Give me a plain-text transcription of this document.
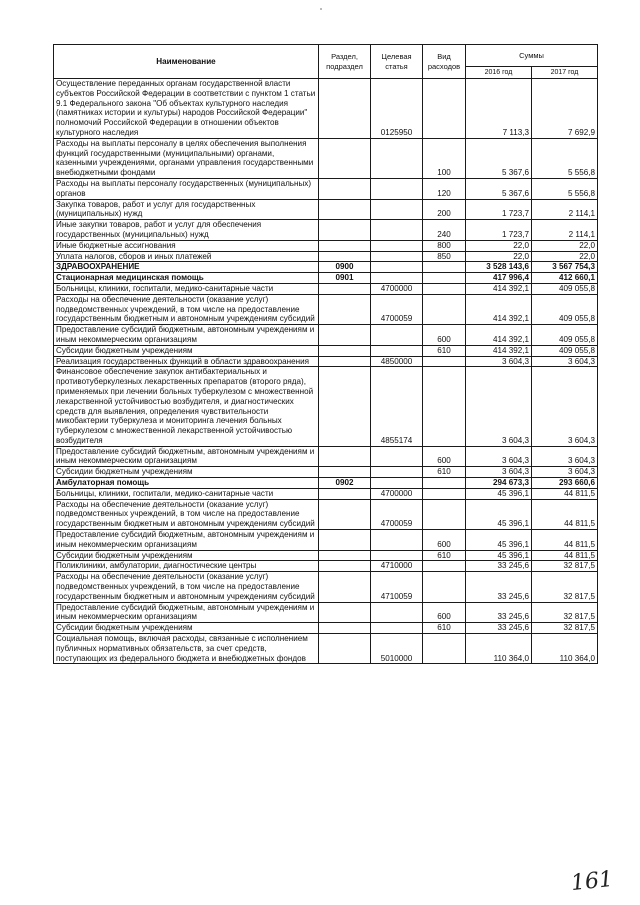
Наименование	Раздел, подраздел	Целевая статья	Вид расходов	Суммы	
				2016 год	2017 год
Осуществление переданных органам государственной власти субъектов Российской Федерации в соответствии с пунктом 1 статьи 9.1 Федерального закона "Об объектах культурного наследия (памятниках истории и культуры) народов Российской Федерации" полномочий Российской Федерации в отношении объектов культурного наследия		0125950		7 113,3	7 692,9
Расходы на выплаты персоналу в целях обеспечения выполнения функций государственными (муниципальными) органами, казенными учреждениями, органами управления государственными внебюджетными фондами			100	5 367,6	5 556,8
Расходы на выплаты персоналу государственных (муниципальных) органов			120	5 367,6	5 556,8
Закупка товаров, работ и услуг для государственных (муниципальных) нужд			200	1 723,7	2 114,1
Иные закупки товаров, работ и услуг для обеспечения государственных (муниципальных) нужд			240	1 723,7	2 114,1
Иные бюджетные ассигнования			800	22,0	22,0
Уплата налогов, сборов и иных платежей			850	22,0	22,0
ЗДРАВООХРАНЕНИЕ	0900			3 528 143,6	3 567 754,3
Стационарная медицинская помощь	0901			417 996,4	412 660,1
Больницы, клиники, госпитали, медико-санитарные части		4700000		414 392,1	409 055,8
Расходы на обеспечение деятельности (оказание услуг) подведомственных учреждений, в том числе на предоставление государственным бюджетным и автономным учреждениям субсидий		4700059		414 392,1	409 055,8
Предоставление субсидий бюджетным, автономным учреждениям и иным некоммерческим организациям			600	414 392,1	409 055,8
Субсидии бюджетным учреждениям			610	414 392,1	409 055,8
Реализация государственных функций в области здравоохранения		4850000		3 604,3	3 604,3
Финансовое обеспечение закупок антибактериальных и противотуберкулезных лекарственных препаратов (второго ряда), применяемых при лечении больных туберкулезом с множественной лекарственной устойчивостью возбудителя, и диагностических средств для выявления, определения чувствительности микобактерии туберкулеза и мониторинга лечения больных туберкулезом с множественной лекарственной устойчивостью возбудителя		4855174		3 604,3	3 604,3
Предоставление субсидий бюджетным, автономным учреждениям и иным некоммерческим организациям			600	3 604,3	3 604,3
Субсидии бюджетным учреждениям			610	3 604,3	3 604,3
Амбулаторная помощь	0902			294 673,3	293 660,6
Больницы, клиники, госпитали, медико-санитарные части		4700000		45 396,1	44 811,5
Расходы на обеспечение деятельности (оказание услуг) подведомственных учреждений, в том числе на предоставление государственным бюджетным и автономным учреждениям субсидий		4700059		45 396,1	44 811,5
Предоставление субсидий бюджетным, автономным учреждениям и иным некоммерческим организациям			600	45 396,1	44 811,5
Субсидии бюджетным учреждениям			610	45 396,1	44 811,5
Поликлиники, амбулатории, диагностические центры		4710000		33 245,6	32 817,5
Расходы на обеспечение деятельности (оказание услуг) подведомственных учреждений, в том числе на предоставление государственным бюджетным и автономным учреждениям субсидий		4710059		33 245,6	32 817,5
Предоставление субсидий бюджетным, автономным учреждениям и иным некоммерческим организациям			600	33 245,6	32 817,5
Субсидии бюджетным учреждениям			610	33 245,6	32 817,5
Социальная помощь, включая расходы, связанные с исполнением публичных нормативных обязательств, за счет средств, поступающих из федерального бюджета и внебюджетных фондов		5010000		110 364,0	110 364,0
161
